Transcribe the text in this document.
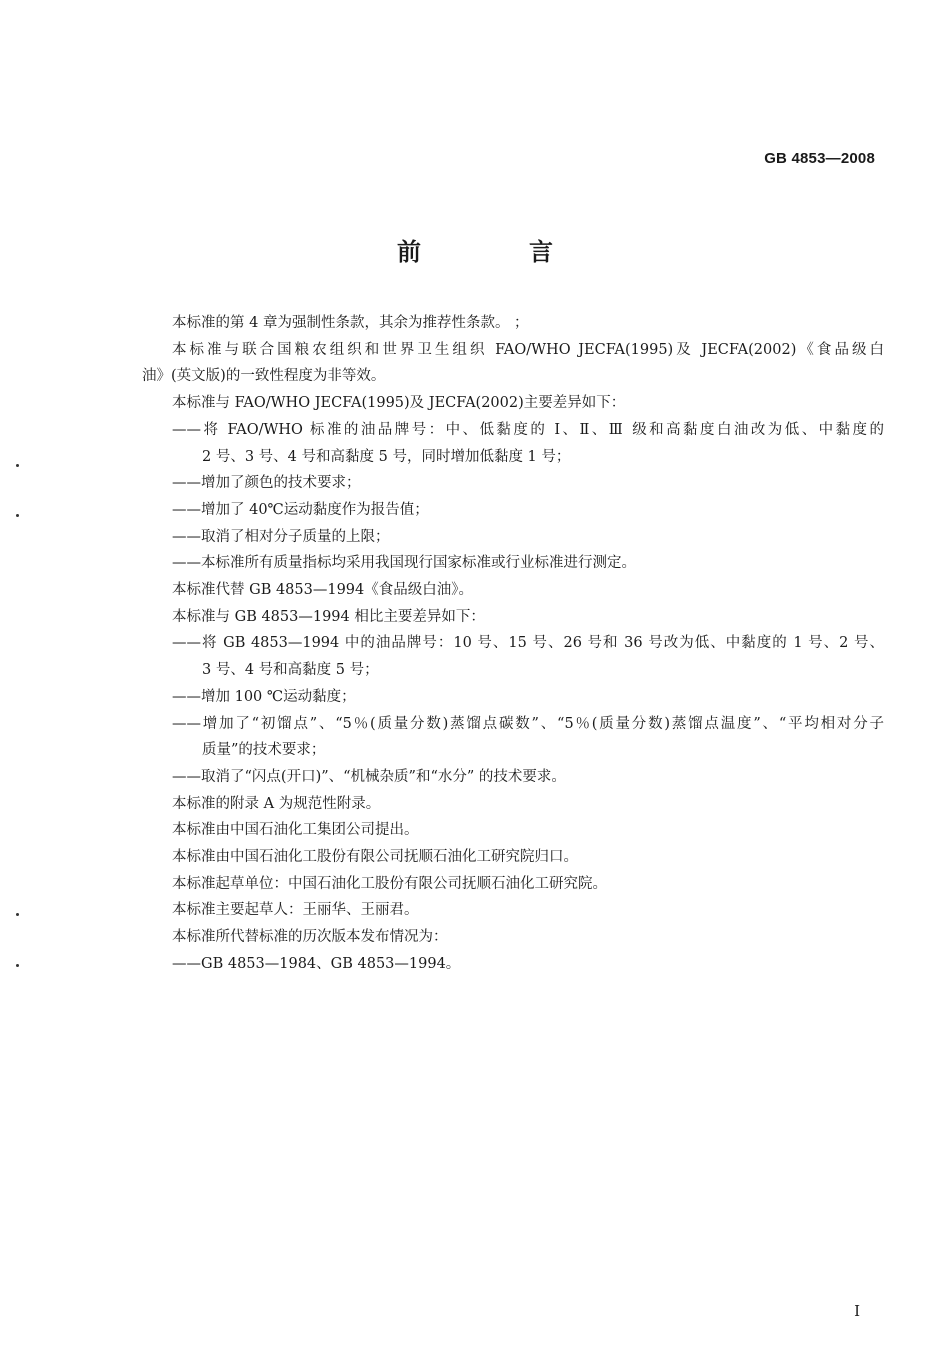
GB 4853—2008
前　言

本标准的第 4 章为强制性条款，其余为推荐性条款。 ；

本标准与联合国粮农组织和世界卫生组织 FAO/WHO JECFA(1995)及 JECFA(2002)《食品级白
油》(英文版)的一致性程度为非等效。

本标准与 FAO/WHO JECFA(1995)及 JECFA(2002)主要差异如下：

——将 FAO/WHO 标准的油品牌号：中、低黏度的 Ⅰ、Ⅱ、Ⅲ 级和高黏度白油改为低、中黏度的
2 号、3 号、4 号和高黏度 5 号，同时增加低黏度 1 号；
——增加了颜色的技术要求；
——增加了 40℃运动黏度作为报告值；
——取消了相对分子质量的上限；
——本标准所有质量指标均采用我国现行国家标准或行业标准进行测定。

本标准代替 GB 4853—1994《食品级白油》。

本标准与 GB 4853—1994 相比主要差异如下：

——将 GB 4853—1994 中的油品牌号：10 号、15 号、26 号和 36 号改为低、中黏度的 1 号、2 号、
3 号、4 号和高黏度 5 号；
——增加 100 ℃运动黏度；
——增加了“初馏点”、“5％(质量分数)蒸馏点碳数”、“5％(质量分数)蒸馏点温度”、“平均相对分子
质量”的技术要求；
——取消了“闪点(开口)”、“机械杂质”和“水分” 的技术要求。

本标准的附录 A 为规范性附录。

本标准由中国石油化工集团公司提出。

本标准由中国石油化工股份有限公司抚顺石油化工研究院归口。

本标准起草单位：中国石油化工股份有限公司抚顺石油化工研究院。

本标准主要起草人：王丽华、王丽君。

本标准所代替标准的历次版本发布情况为：

——GB 4853—1984、GB 4853—1994。

I
